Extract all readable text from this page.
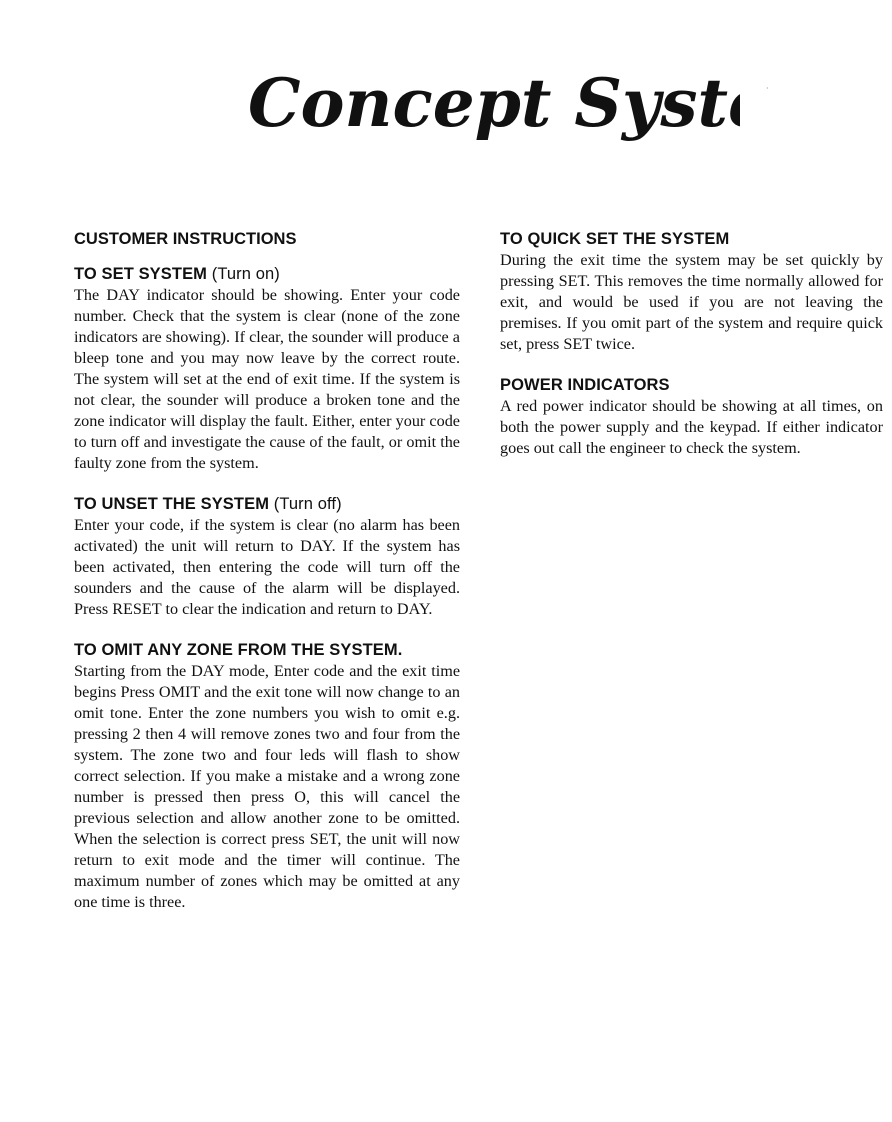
Concept Syst	·
CUSTOMER INSTRUCTIONS
TO SET SYSTEM (Turn on)

The DAY indicator should be showing. Enter your code number. Check that the system is clear (none of the zone indicators are showing). If clear, the sounder will produce a bleep tone and you may now leave by the correct route. The system will set at the end of exit time. If the system is not clear, the sounder will produce a broken tone and the zone indicator will display the fault. Either, enter your code to turn off and investigate the cause of the fault, or omit the faulty zone from the system.

TO UNSET THE SYSTEM (Turn off)

Enter your code, if the system is clear (no alarm has been activated) the unit will return to DAY. If the system has been activated, then entering the code will turn off the sounders and the cause of the alarm will be displayed. Press RESET to clear the indication and return to DAY.

TO OMIT ANY ZONE FROM THE SYSTEM.

Starting from the DAY mode, Enter code and the exit time begins Press OMIT and the exit tone will now change to an omit tone. Enter the zone numbers you wish to omit e.g. pressing 2 then 4 will remove zones two and four from the system. The zone two and four leds will flash to show correct selection. If you make a mistake and a wrong zone number is pressed then press O, this will cancel the previous selection and allow another zone to be omitted. When the selection is correct press SET, the unit will now return to exit mode and the timer will continue. The maximum number of zones which may be omitted at any one time is three.

TO QUICK SET THE SYSTEM

During the exit time the system may be set quickly by pressing SET. This removes the time normally allowed for exit, and would be used if you are not leaving the premises. If you omit part of the system and require quick set, press SET twice.

POWER INDICATORS

A red power indicator should be showing at all times, on both the power supply and the keypad. If either indicator goes out call the engineer to check the system.
